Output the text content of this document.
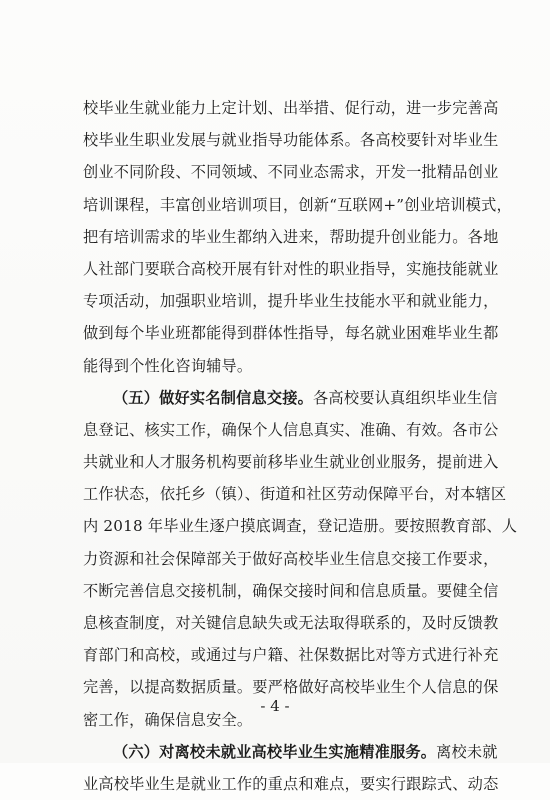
校毕业生就业能力上定计划、出举措、促行动，进一步完善高
校毕业生职业发展与就业指导功能体系。各高校要针对毕业生
创业不同阶段、不同领域、不同业态需求，开发一批精品创业
培训课程，丰富创业培训项目，创新“互联网+”创业培训模式，
把有培训需求的毕业生都纳入进来，帮助提升创业能力。各地
人社部门要联合高校开展有针对性的职业指导，实施技能就业
专项活动，加强职业培训，提升毕业生技能水平和就业能力，
做到每个毕业班都能得到群体性指导，每名就业困难毕业生都
能得到个性化咨询辅导。

（五）做好实名制信息交接。各高校要认真组织毕业生信
息登记、核实工作，确保个人信息真实、准确、有效。各市公
共就业和人才服务机构要前移毕业生就业创业服务，提前进入
工作状态，依托乡（镇）、街道和社区劳动保障平台，对本辖区
内 2018 年毕业生逐户摸底调查，登记造册。要按照教育部、人
力资源和社会保障部关于做好高校毕业生信息交接工作要求，
不断完善信息交接机制，确保交接时间和信息质量。要健全信
息核查制度，对关键信息缺失或无法取得联系的，及时反馈教
育部门和高校，或通过与户籍、社保数据比对等方式进行补充
完善，以提高数据质量。要严格做好高校毕业生个人信息的保
密工作，确保信息安全。

（六）对离校未就业高校毕业生实施精准服务。离校未就
业高校毕业生是就业工作的重点和难点，要实行跟踪式、动态

- 4 -
